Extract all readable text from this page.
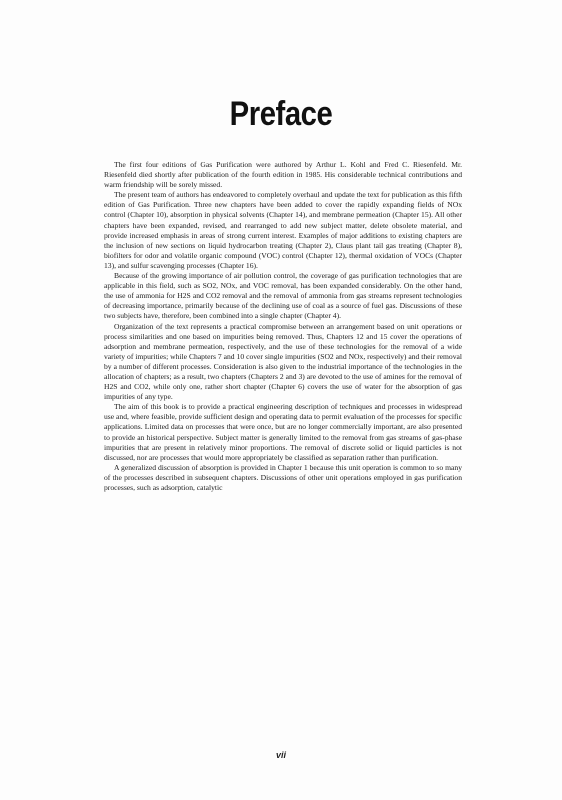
Preface

The first four editions of Gas Purification were authored by Arthur L. Kohl and Fred C. Riesenfeld. Mr. Riesenfeld died shortly after publication of the fourth edition in 1985. His considerable technical contributions and warm friendship will be sorely missed.

The present team of authors has endeavored to completely overhaul and update the text for publication as this fifth edition of Gas Purification. Three new chapters have been added to cover the rapidly expanding fields of NOx control (Chapter 10), absorption in physical solvents (Chapter 14), and membrane permeation (Chapter 15). All other chapters have been expanded, revised, and rearranged to add new subject matter, delete obsolete material, and provide increased emphasis in areas of strong current interest. Examples of major additions to existing chapters are the inclusion of new sections on liquid hydrocarbon treating (Chapter 2), Claus plant tail gas treating (Chapter 8), biofilters for odor and volatile organic compound (VOC) control (Chapter 12), thermal oxidation of VOCs (Chapter 13), and sulfur scavenging processes (Chapter 16).

Because of the growing importance of air pollution control, the coverage of gas purification technologies that are applicable in this field, such as SO2, NOx, and VOC removal, has been expanded considerably. On the other hand, the use of ammonia for H2S and CO2 removal and the removal of ammonia from gas streams represent technologies of decreasing importance, primarily because of the declining use of coal as a source of fuel gas. Discussions of these two subjects have, therefore, been combined into a single chapter (Chapter 4).

Organization of the text represents a practical compromise between an arrangement based on unit operations or process similarities and one based on impurities being removed. Thus, Chapters 12 and 15 cover the operations of adsorption and membrane permeation, respectively, and the use of these technologies for the removal of a wide variety of impurities; while Chapters 7 and 10 cover single impurities (SO2 and NOx, respectively) and their removal by a number of different processes. Consideration is also given to the industrial importance of the technologies in the allocation of chapters; as a result, two chapters (Chapters 2 and 3) are devoted to the use of amines for the removal of H2S and CO2, while only one, rather short chapter (Chapter 6) covers the use of water for the absorption of gas impurities of any type.

The aim of this book is to provide a practical engineering description of techniques and processes in widespread use and, where feasible, provide sufficient design and operating data to permit evaluation of the processes for specific applications. Limited data on processes that were once, but are no longer commercially important, are also presented to provide an historical perspective. Subject matter is generally limited to the removal from gas streams of gas-phase impurities that are present in relatively minor proportions. The removal of discrete solid or liquid particles is not discussed, nor are processes that would more appropriately be classified as separation rather than purification.

A generalized discussion of absorption is provided in Chapter 1 because this unit operation is common to so many of the processes described in subsequent chapters. Discussions of other unit operations employed in gas purification processes, such as adsorption, catalytic

vii
